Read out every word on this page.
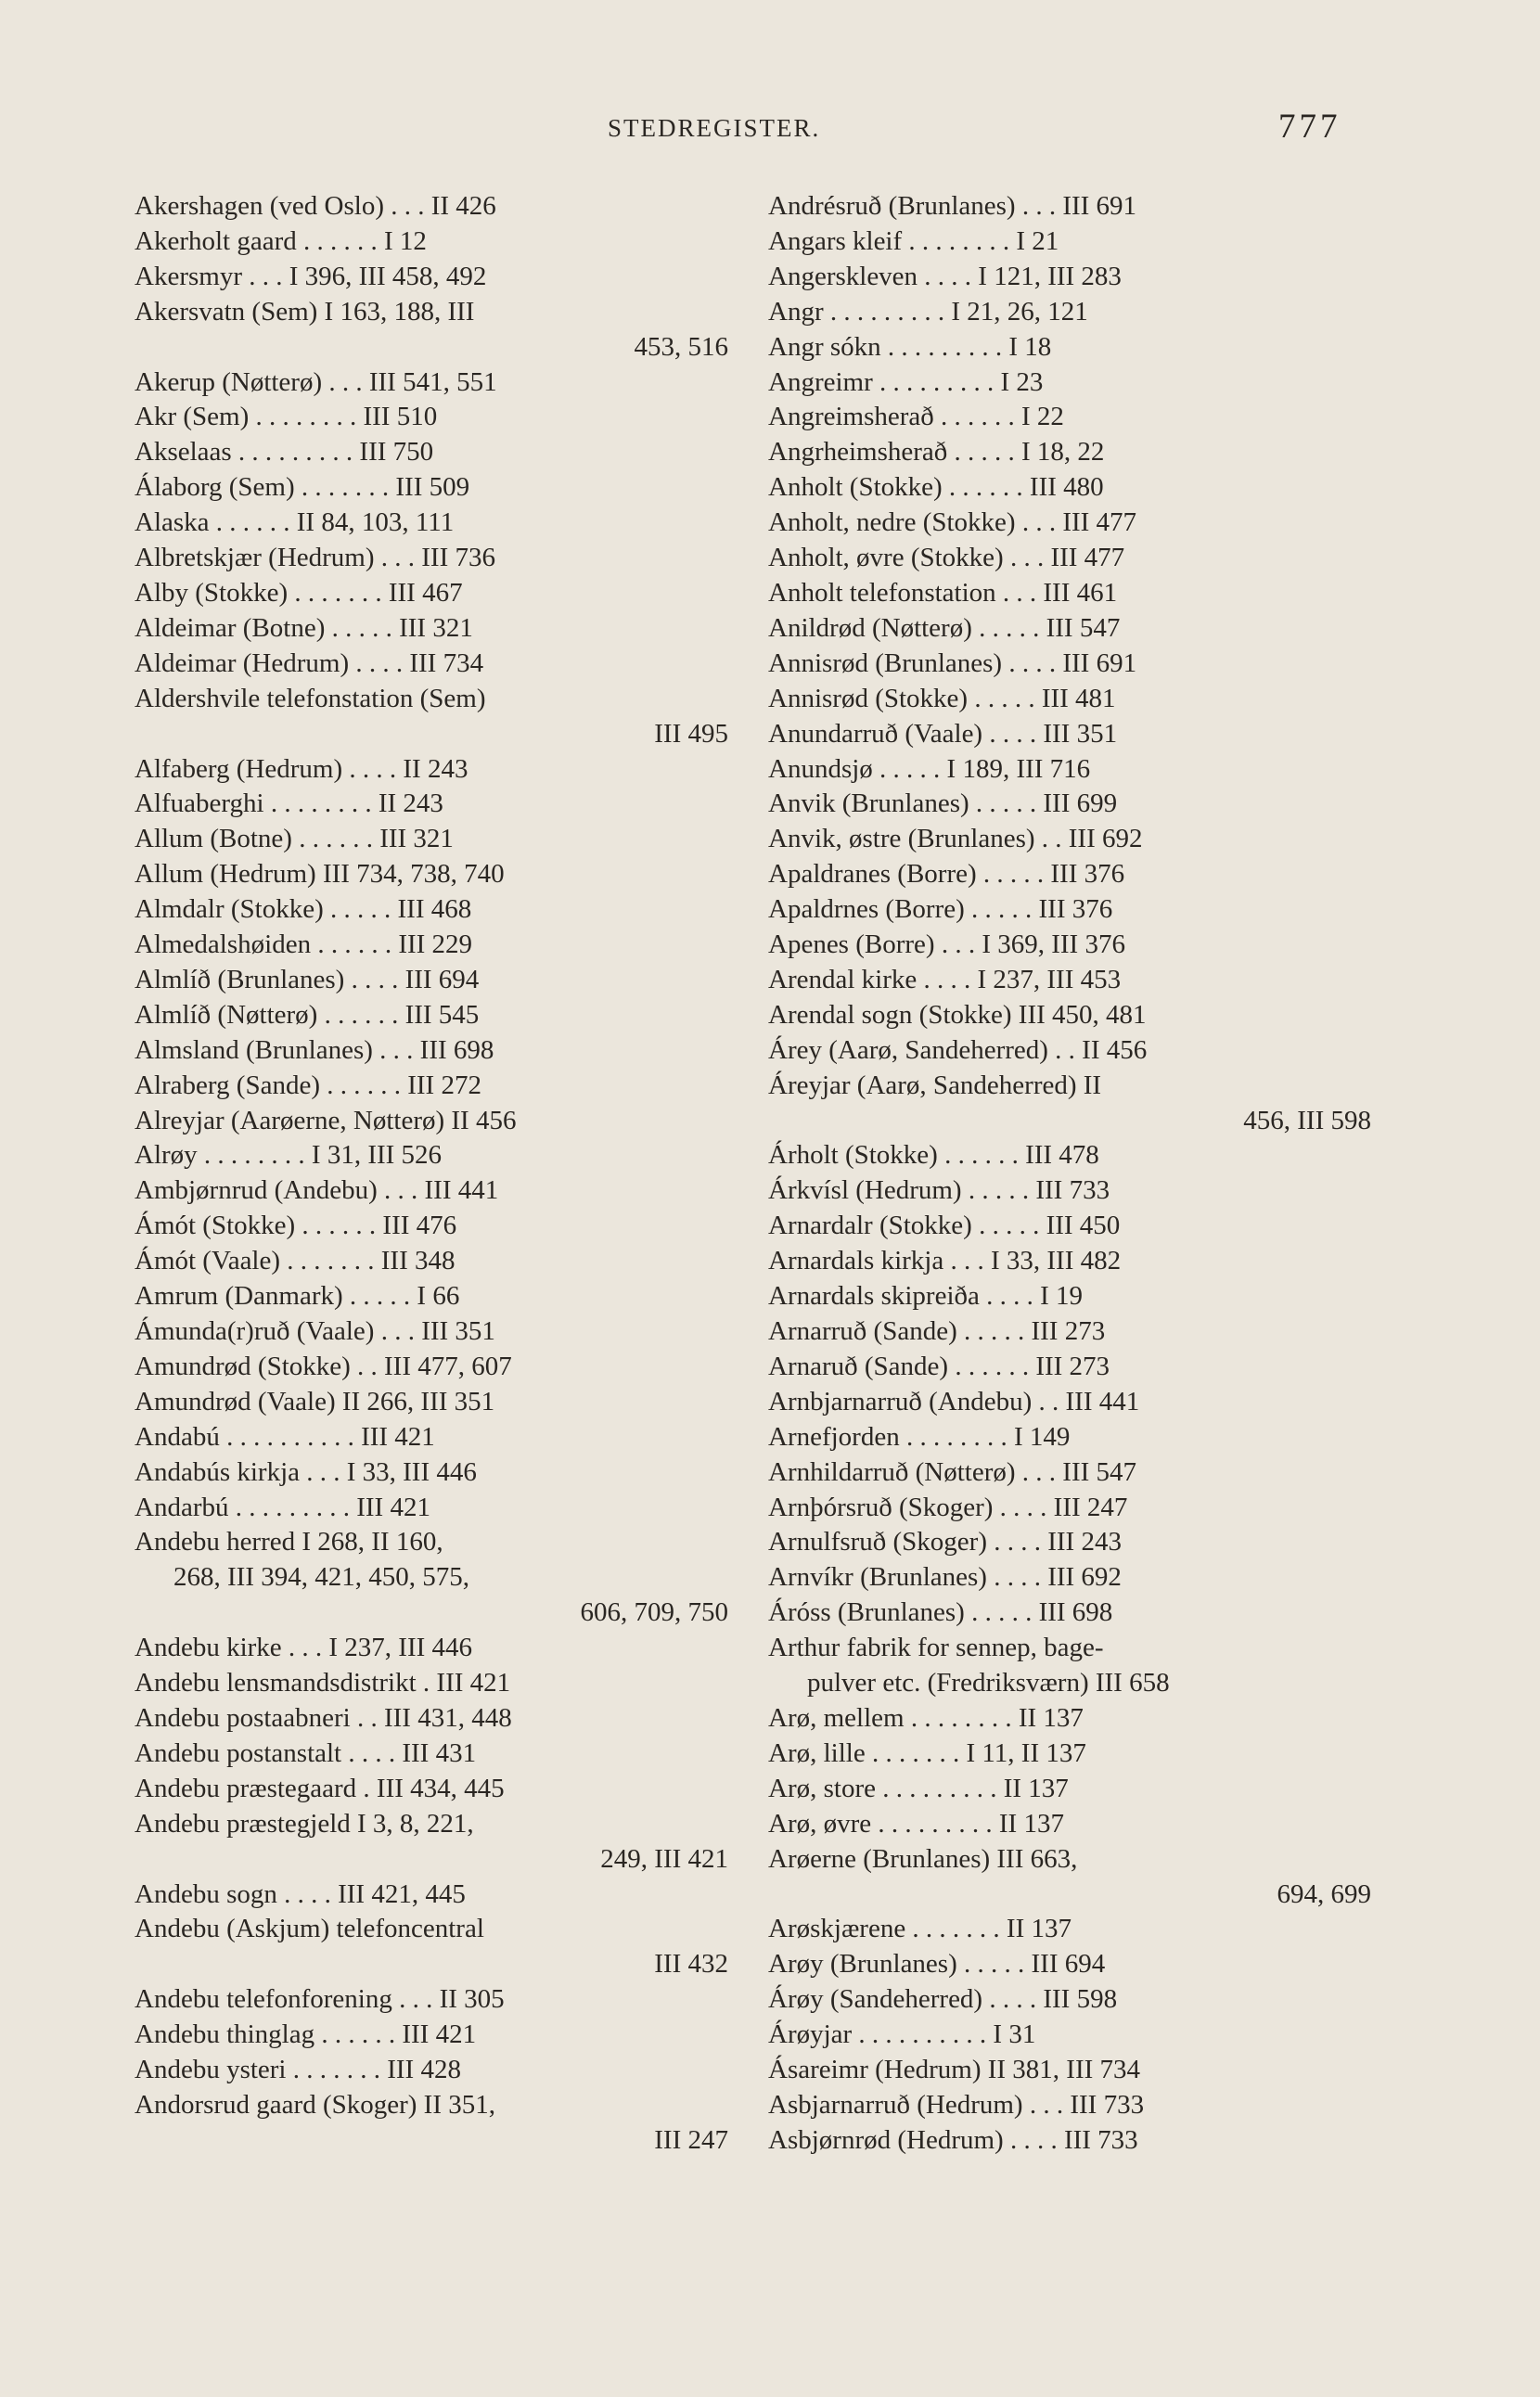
STEDREGISTER.	777
Akershagen (ved Oslo) . . . II 426
Akerholt gaard . . . . . . I 12
Akersmyr . . . I 396, III 458, 492
Akersvatn (Sem) I 163, 188, III
453, 516
Akerup (Nøtterø) . . . III 541, 551
Akr (Sem) . . . . . . . . III 510
Akselaas . . . . . . . . . III 750
Álaborg (Sem) . . . . . . . III 509
Alaska . . . . . . II 84, 103, 111
Albretskjær (Hedrum) . . . III 736
Alby (Stokke) . . . . . . . III 467
Aldeimar (Botne) . . . . . III 321
Aldeimar (Hedrum) . . . . III 734
Aldershvile telefonstation (Sem)
III 495
Alfaberg (Hedrum) . . . . II 243
Alfuaberghi . . . . . . . . II 243
Allum (Botne) . . . . . . III 321
Allum (Hedrum) III 734, 738, 740
Almdalr (Stokke) . . . . . III 468
Almedalshøiden . . . . . . III 229
Almlíð (Brunlanes) . . . . III 694
Almlíð (Nøtterø) . . . . . . III 545
Almsland (Brunlanes) . . . III 698
Alraberg (Sande) . . . . . . III 272
Alreyjar (Aarøerne, Nøtterø) II 456
Alrøy . . . . . . . . I 31, III 526
Ambjørnrud (Andebu) . . . III 441
Ámót (Stokke) . . . . . . III 476
Ámót (Vaale) . . . . . . . III 348
Amrum (Danmark) . . . . . I 66
Ámunda(r)ruð (Vaale) . . . III 351
Amundrød (Stokke) . . III 477, 607
Amundrød (Vaale) II 266, III 351
Andabú . . . . . . . . . . III 421
Andabús kirkja . . . I 33, III 446
Andarbú . . . . . . . . . III 421
Andebu herred I 268, II 160,
268, III 394, 421, 450, 575,
606, 709, 750
Andebu kirke . . . I 237, III 446
Andebu lensmandsdistrikt . III 421
Andebu postaabneri . . III 431, 448
Andebu postanstalt . . . . III 431
Andebu præstegaard . III 434, 445
Andebu præstegjeld I 3, 8, 221,
249, III 421
Andebu sogn . . . . III 421, 445
Andebu (Askjum) telefoncentral
III 432
Andebu telefonforening . . . II 305
Andebu thinglag . . . . . . III 421
Andebu ysteri . . . . . . . III 428
Andorsrud gaard (Skoger) II 351,
III 247
Andrésruð (Brunlanes) . . . III 691
Angars kleif . . . . . . . . I 21
Angerskleven . . . . I 121, III 283
Angr . . . . . . . . . I 21, 26, 121
Angr sókn . . . . . . . . . I 18
Angreimr . . . . . . . . . I 23
Angreimsherað . . . . . . I 22
Angrheimsherað . . . . . I 18, 22
Anholt (Stokke) . . . . . . III 480
Anholt, nedre (Stokke) . . . III 477
Anholt, øvre (Stokke) . . . III 477
Anholt telefonstation . . . III 461
Anildrød (Nøtterø) . . . . . III 547
Annisrød (Brunlanes) . . . . III 691
Annisrød (Stokke) . . . . . III 481
Anundarruð (Vaale) . . . . III 351
Anundsjø . . . . . I 189, III 716
Anvik (Brunlanes) . . . . . III 699
Anvik, østre (Brunlanes) . . III 692
Apaldranes (Borre) . . . . . III 376
Apaldrnes (Borre) . . . . . III 376
Apenes (Borre) . . . I 369, III 376
Arendal kirke . . . . I 237, III 453
Arendal sogn (Stokke) III 450, 481
Árey (Aarø, Sandeherred) . . II 456
Áreyjar (Aarø, Sandeherred) II
456, III 598
Árholt (Stokke) . . . . . . III 478
Árkvísl (Hedrum) . . . . . III 733
Arnardalr (Stokke) . . . . . III 450
Arnardals kirkja . . . I 33, III 482
Arnardals skipreiða . . . . I 19
Arnarruð (Sande) . . . . . III 273
Arnaruð (Sande) . . . . . . III 273
Arnbjarnarruð (Andebu) . . III 441
Arnefjorden . . . . . . . . I 149
Arnhildarruð (Nøtterø) . . . III 547
Arnþórsruð (Skoger) . . . . III 247
Arnulfsruð (Skoger) . . . . III 243
Arnvíkr (Brunlanes) . . . . III 692
Áróss (Brunlanes) . . . . . III 698
Arthur fabrik for sennep, bage-
pulver etc. (Fredriksværn) III 658
Arø, mellem . . . . . . . . II 137
Arø, lille . . . . . . . I 11, II 137
Arø, store . . . . . . . . . II 137
Arø, øvre . . . . . . . . . II 137
Arøerne (Brunlanes) III 663,
694, 699
Arøskjærene . . . . . . . II 137
Arøy (Brunlanes) . . . . . III 694
Árøy (Sandeherred) . . . . III 598
Árøyjar . . . . . . . . . . I 31
Ásareimr (Hedrum) II 381, III 734
Asbjarnarruð (Hedrum) . . . III 733
Asbjørnrød (Hedrum) . . . . III 733
